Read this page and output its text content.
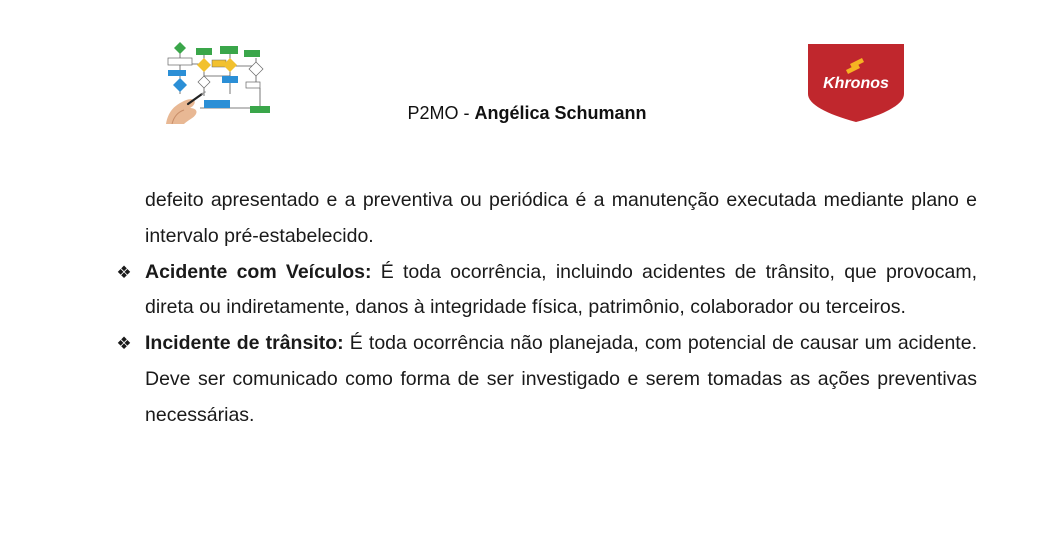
Khronos
P2MO - Angélica Schumann

defeito apresentado e a preventiva ou periódica é a manutenção executada mediante plano e intervalo pré-estabelecido.

❖ Acidente com Veículos: É toda ocorrência, incluindo acidentes de trânsito, que provocam, direta ou indiretamente, danos à integridade física, patrimônio, colaborador ou terceiros.

❖ Incidente de trânsito: É toda ocorrência não planejada, com potencial de causar um acidente. Deve ser comunicado como forma de ser investigado e serem tomadas as ações preventivas necessárias.
